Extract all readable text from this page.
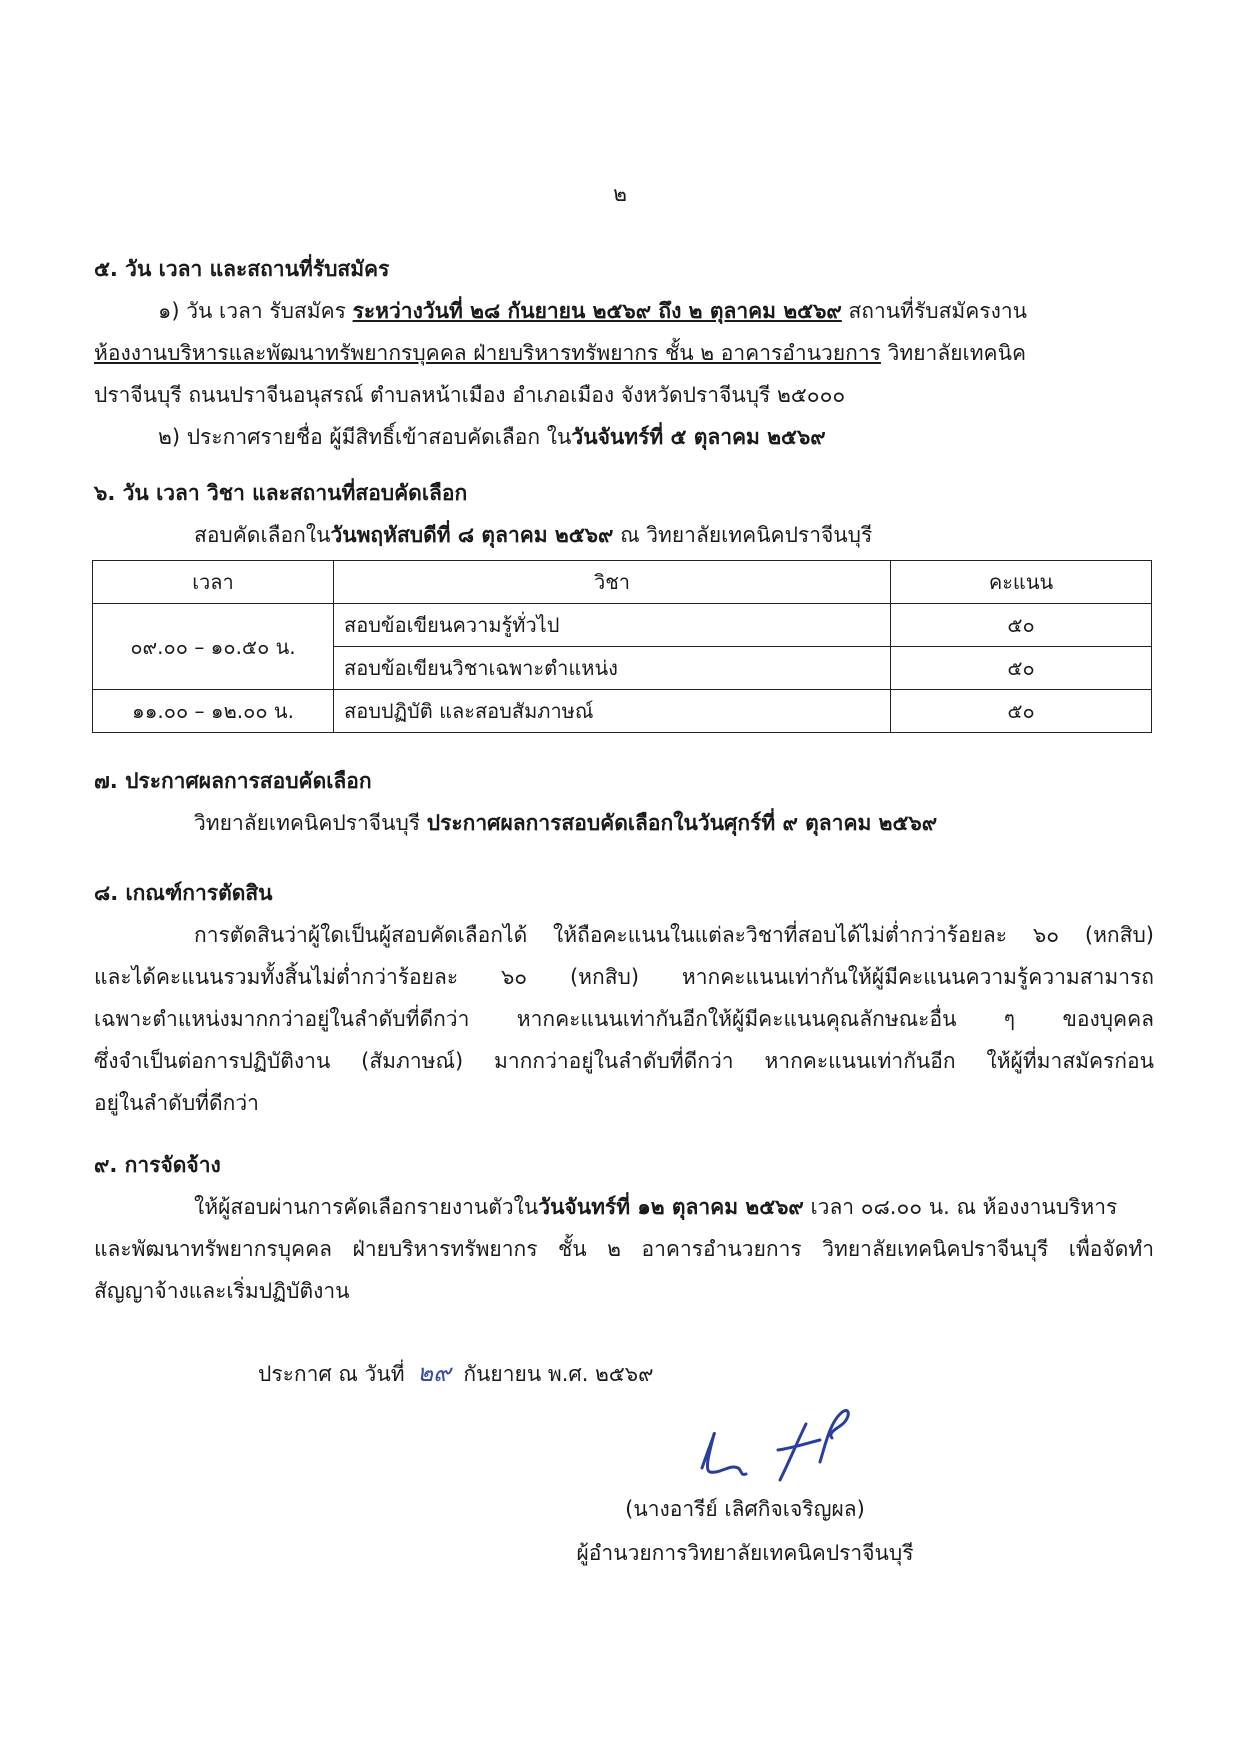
๒
๕. วัน เวลา และสถานที่รับสมัคร
๑) วัน เวลา รับสมัคร ระหว่างวันที่ ๒๘ กันยายน ๒๕๖๙ ถึง ๒ ตุลาคม ๒๕๖๙ สถานที่รับสมัครงาน
ห้องงานบริหารและพัฒนาทรัพยากรบุคคล ฝ่ายบริหารทรัพยากร ชั้น ๒ อาคารอำนวยการ วิทยาลัยเทคนิค
ปราจีนบุรี ถนนปราจีนอนุสรณ์ ตำบลหน้าเมือง อำเภอเมือง จังหวัดปราจีนบุรี ๒๕๐๐๐
๒) ประกาศรายชื่อ ผู้มีสิทธิ์เข้าสอบคัดเลือก ในวันจันทร์ที่ ๕ ตุลาคม ๒๕๖๙
๖. วัน เวลา วิชา และสถานที่สอบคัดเลือก
สอบคัดเลือกในวันพฤหัสบดีที่ ๘ ตุลาคม ๒๕๖๙ ณ วิทยาลัยเทคนิคปราจีนบุรี
เวลา	วิชา	คะแนน
๐๙.๐๐ – ๑๐.๕๐ น.	สอบข้อเขียนความรู้ทั่วไป	๕๐
	สอบข้อเขียนวิชาเฉพาะตำแหน่ง	๕๐
๑๑.๐๐ – ๑๒.๐๐ น.	สอบปฏิบัติ และสอบสัมภาษณ์	๕๐
๗. ประกาศผลการสอบคัดเลือก
วิทยาลัยเทคนิคปราจีนบุรี ประกาศผลการสอบคัดเลือกในวันศุกร์ที่ ๙ ตุลาคม ๒๕๖๙
๘. เกณฑ์การตัดสิน
การตัดสินว่าผู้ใดเป็นผู้สอบคัดเลือกได้ ให้ถือคะแนนในแต่ละวิชาที่สอบได้ไม่ต่ำกว่าร้อยละ ๖๐ (หกสิบ)
และได้คะแนนรวมทั้งสิ้นไม่ต่ำกว่าร้อยละ ๖๐ (หกสิบ) หากคะแนนเท่ากันให้ผู้มีคะแนนความรู้ความสามารถ
เฉพาะตำแหน่งมากกว่าอยู่ในลำดับที่ดีกว่า หากคะแนนเท่ากันอีกให้ผู้มีคะแนนคุณลักษณะอื่น ๆ ของบุคคล
ซึ่งจำเป็นต่อการปฏิบัติงาน (สัมภาษณ์) มากกว่าอยู่ในลำดับที่ดีกว่า หากคะแนนเท่ากันอีก ให้ผู้ที่มาสมัครก่อน
อยู่ในลำดับที่ดีกว่า
๙. การจัดจ้าง
ให้ผู้สอบผ่านการคัดเลือกรายงานตัวในวันจันทร์ที่ ๑๒ ตุลาคม ๒๕๖๙ เวลา ๐๘.๐๐ น. ณ ห้องงานบริหาร
และพัฒนาทรัพยากรบุคคล ฝ่ายบริหารทรัพยากร ชั้น ๒ อาคารอำนวยการ วิทยาลัยเทคนิคปราจีนบุรี เพื่อจัดทำ
สัญญาจ้างและเริ่มปฏิบัติงาน
ประกาศ ณ วันที่ ๒๙ กันยายน พ.ศ. ๒๕๖๙
(นางอารีย์ เลิศกิจเจริญผล)
ผู้อำนวยการวิทยาลัยเทคนิคปราจีนบุรี
